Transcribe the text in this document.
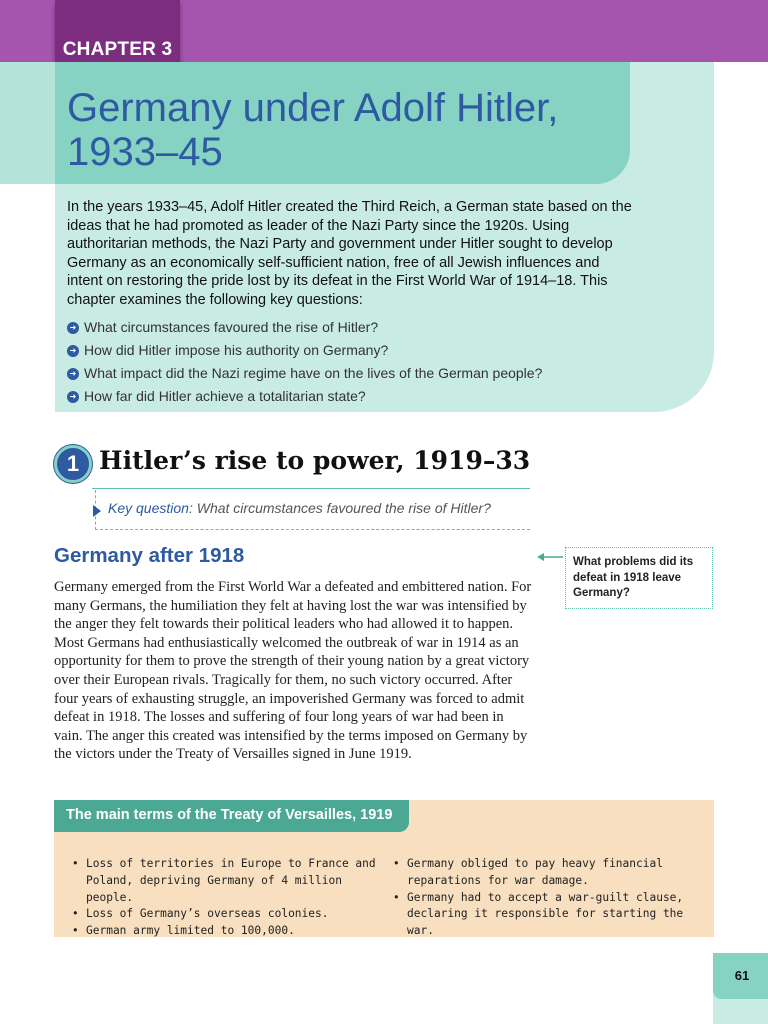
CHAPTER 3
Germany under Adolf Hitler, 1933–45

In the years 1933–45, Adolf Hitler created the Third Reich, a German state based on the ideas that he had promoted as leader of the Nazi Party since the 1920s. Using authoritarian methods, the Nazi Party and government under Hitler sought to develop Germany as an economically self-sufficient nation, free of all Jewish influences and intent on restoring the pride lost by its defeat in the First World War of 1914–18. This chapter examines the following key questions:

➜ What circumstances favoured the rise of Hitler?
➜ How did Hitler impose his authority on Germany?
➜ What impact did the Nazi regime have on the lives of the German people?
➜ How far did Hitler achieve a totalitarian state?
1 Hitler’s rise to power, 1919–33
Key question: What circumstances favoured the rise of Hitler?
Germany after 1918

Germany emerged from the First World War a defeated and embittered nation. For many Germans, the humiliation they felt at having lost the war was intensified by the anger they felt towards their political leaders who had allowed it to happen. Most Germans had enthusiastically welcomed the outbreak of war in 1914 as an opportunity for them to prove the strength of their young nation by a great victory over their European rivals. Tragically for them, no such victory occurred. After four years of exhausting struggle, an impoverished Germany was forced to admit defeat in 1918. The losses and suffering of four long years of war had been in vain. The anger this created was intensified by the terms imposed on Germany by the victors under the Treaty of Versailles signed in June 1919.

What problems did its defeat in 1918 leave Germany?
The main terms of the Treaty of Versailles, 1919
• Loss of territories in Europe to France and Poland, depriving Germany of 4 million people.
• Loss of Germany’s overseas colonies.
• German army limited to 100,000.
• Germany obliged to pay heavy financial reparations for war damage.
• Germany had to accept a war-guilt clause, declaring it responsible for starting the war.
61
